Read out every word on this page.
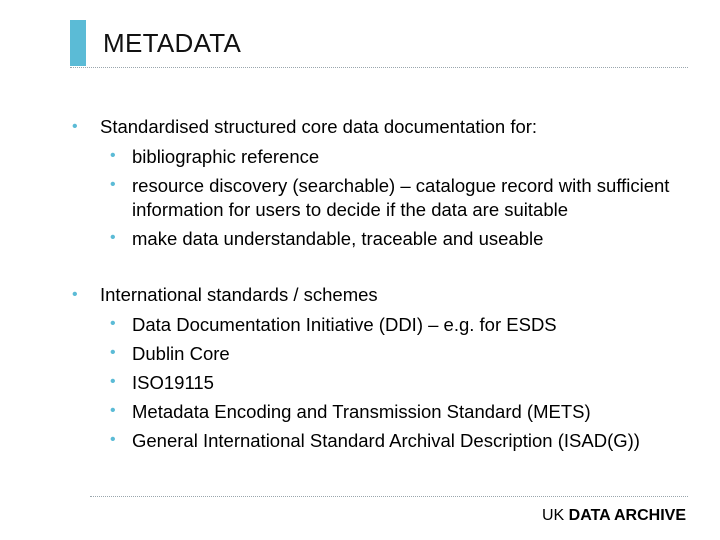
METADATA
• Standardised structured core data documentation for:
• bibliographic reference
• resource discovery (searchable) – catalogue record with sufficient information for users to decide if the data are suitable
• make data understandable, traceable and useable
• International standards / schemes
• Data Documentation Initiative (DDI) – e.g. for ESDS
• Dublin Core
• ISO19115
• Metadata Encoding and Transmission Standard (METS)
• General International Standard Archival Description (ISAD(G))
UK DATA ARCHIVE
